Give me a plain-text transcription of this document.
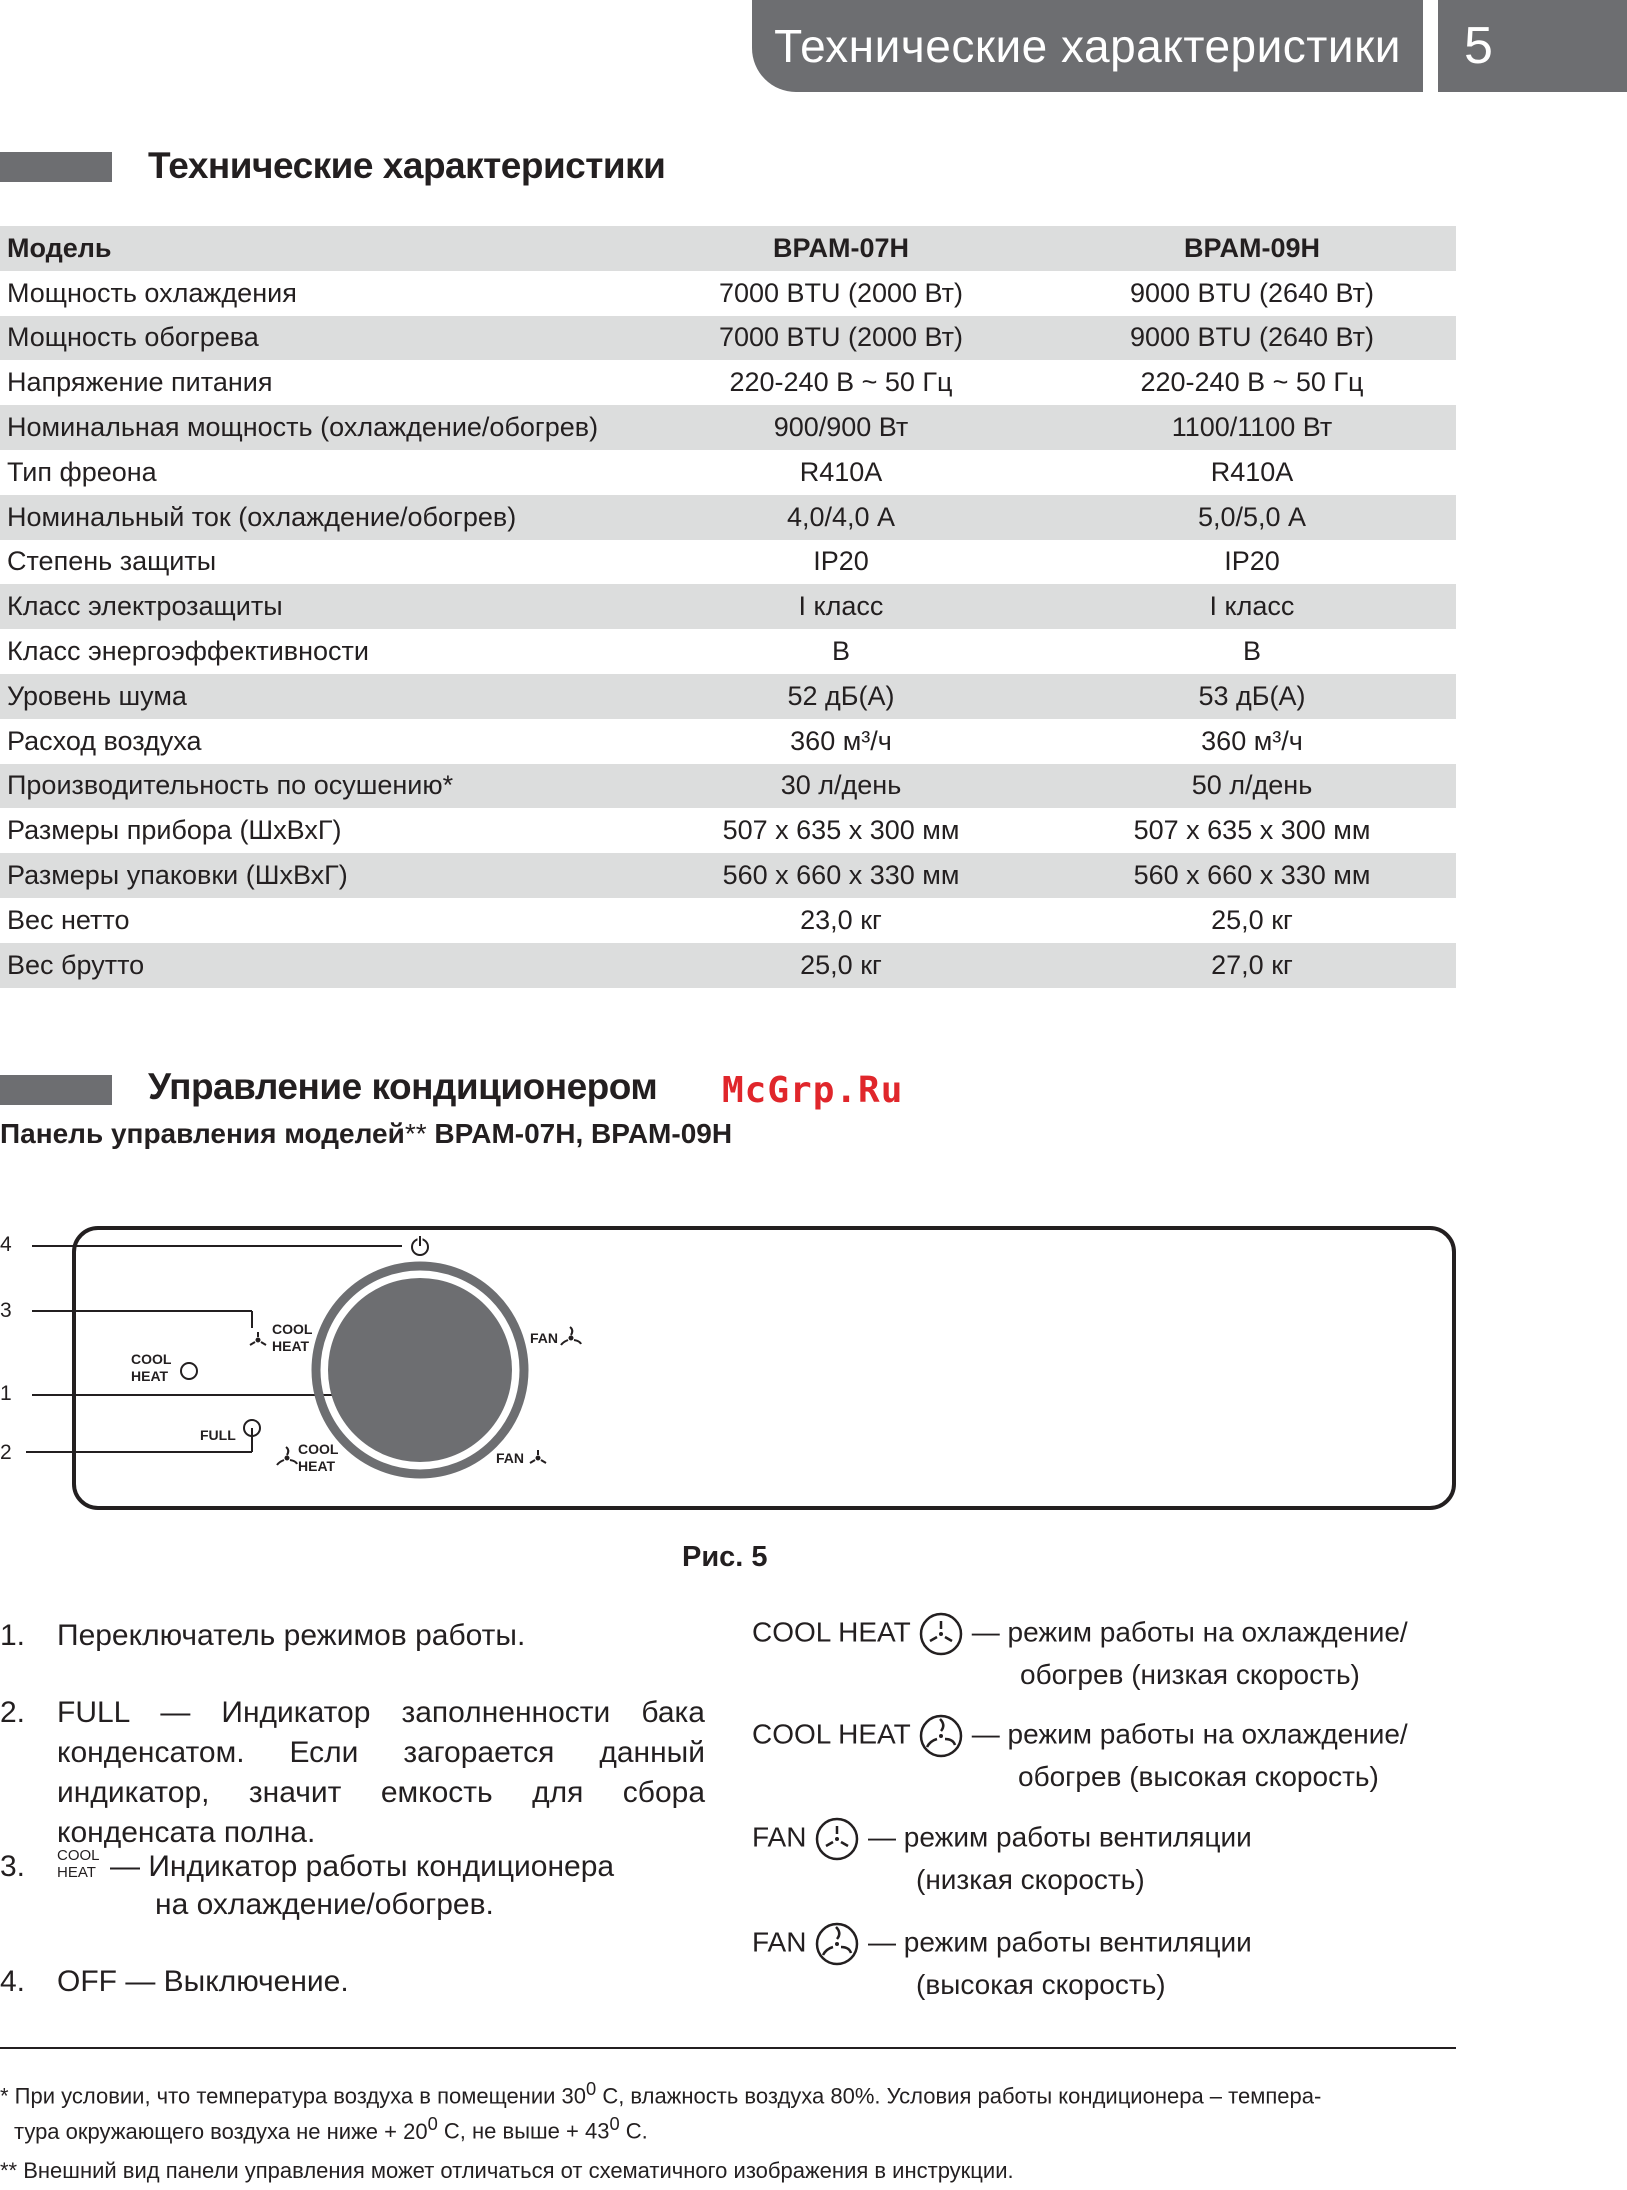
Технические характеристики	5
Технические характеристики
Модель	BPAM-07H	BPAM-09H
Мощность охлаждения	7000 BTU (2000 Вт)	9000 BTU (2640 Вт)
Мощность обогрева	7000 BTU (2000 Вт)	9000 BTU (2640 Вт)
Напряжение питания	220-240 В ~ 50 Гц	220-240 В ~ 50 Гц
Номинальная мощность (охлаждение/обогрев)	900/900 Вт	1100/1100 Вт
Тип фреона	R410A	R410A
Номинальный ток (охлаждение/обогрев)	4,0/4,0 А	5,0/5,0 А
Степень защиты	IP20	IP20
Класс электрозащиты	I класс	I класс
Класс энергоэффективности	B	B
Уровень шума	52 дБ(А)	53 дБ(А)
Расход воздуха	360 м³/ч	360 м³/ч
Производительность по осушению*	30 л/день	50 л/день
Размеры прибора (ШхВхГ)	507 х 635 х 300 мм	507 х 635 х 300 мм
Размеры упаковки (ШхВхГ)	560 х 660 х 330 мм	560 х 660 х 330 мм
Вес нетто	23,0 кг	25,0 кг
Вес брутто	25,0 кг	27,0 кг
Управление кондиционером McGrp.Ru
Панель управления моделей** BPAM-07H, BPAM-09H
4
3
1
2
COOL
HEAT
FULL
COOL
HEAT	FAN
COOL
HEAT	FAN
Рис. 5
1. Переключатель режимов работы.
2. FULL — Индикатор заполненности бака конденсатом. Если загорается данный индикатор, значит емкость для сбора конденсата полна.
3. COOL
HEAT — Индикатор работы кондиционера
на охлаждение/обогрев.
4. OFF — Выключение.
COOL HEAT — режим работы на охлаждение/
обогрев (низкая скорость)
COOL HEAT — режим работы на охлаждение/
обогрев (высокая скорость)
FAN — режим работы вентиляции
(низкая скорость)
FAN — режим работы вентиляции
(высокая скорость)
* При условии, что температура воздуха в помещении $30^0$ С, влажность воздуха 80%. Условия работы кондиционера – темпера-
тура окружающего воздуха не ниже + $20^0$ С, не выше + $43^0$ С.
** Внешний вид панели управления может отличаться от схематичного изображения в инструкции.
